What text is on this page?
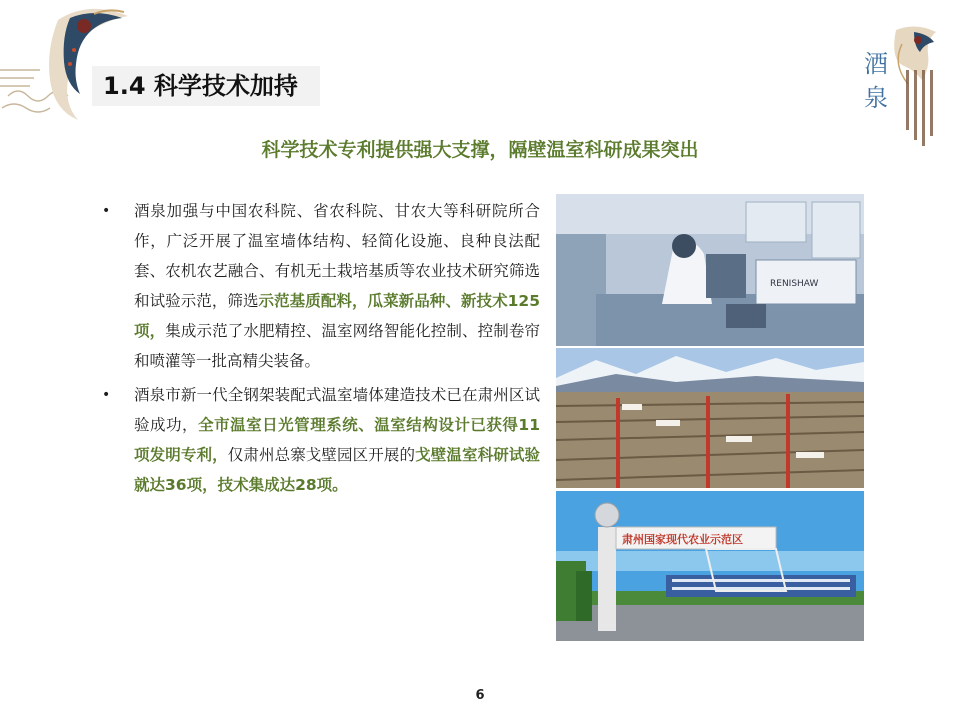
1.4 科学技术加持
酒
泉
科学技术专利提供强大支撑，隔壁温室科研成果突出
• 酒泉加强与中国农科院、省农科院、甘农大等科研院所合作，广泛开展了温室墙体结构、轻简化设施、良种良法配套、农机农艺融合、有机无土栽培基质等农业技术研究筛选和试验示范，筛选示范基质配料，瓜菜新品种、新技术125项，集成示范了水肥精控、温室网络智能化控制、控制卷帘和喷灌等一批高精尖装备。
• 酒泉市新一代全钢架装配式温室墙体建造技术已在肃州区试验成功，全市温室日光管理系统、温室结构设计已获得11项发明专利，仅肃州总寨戈壁园区开展的戈壁温室科研试验就达36项，技术集成达28项。
RENISHAW
肃州国家现代农业示范区
6
